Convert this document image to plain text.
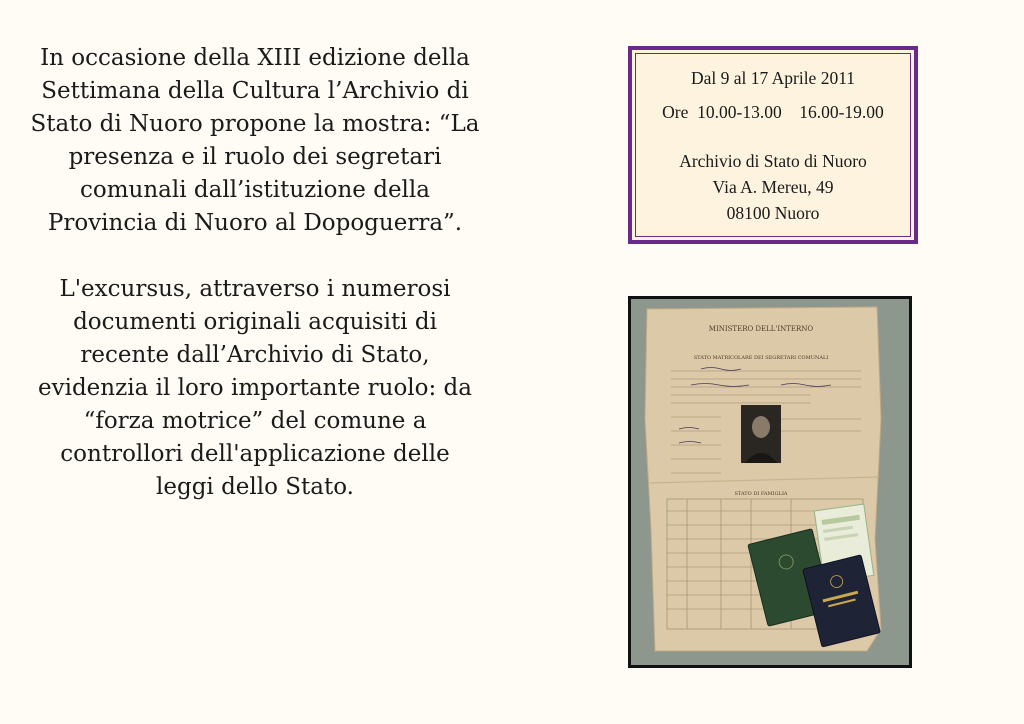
In occasione della XIII edizione della Settimana della Cultura l’Archivio di Stato di Nuoro propone la mostra: “La presenza e il ruolo dei segretari comunali dall’istituzione della Provincia di Nuoro al Dopoguerra”.

L'excursus, attraverso i numerosi documenti originali acquisiti di recente dall’Archivio di Stato, evidenzia il loro importante ruolo: da “forza motrice” del comune a controllori dell'applicazione delle leggi dello Stato.

Dal 9 al 17 Aprile 2011
Ore  10.00-13.00    16.00-19.00
Archivio di Stato di Nuoro
Via A. Mereu, 49
08100 Nuoro
MINISTERO DELL'INTERNO
STATO MATRICOLARE DEI SEGRETARI COMUNALI
STATO DI FAMIGLIA
